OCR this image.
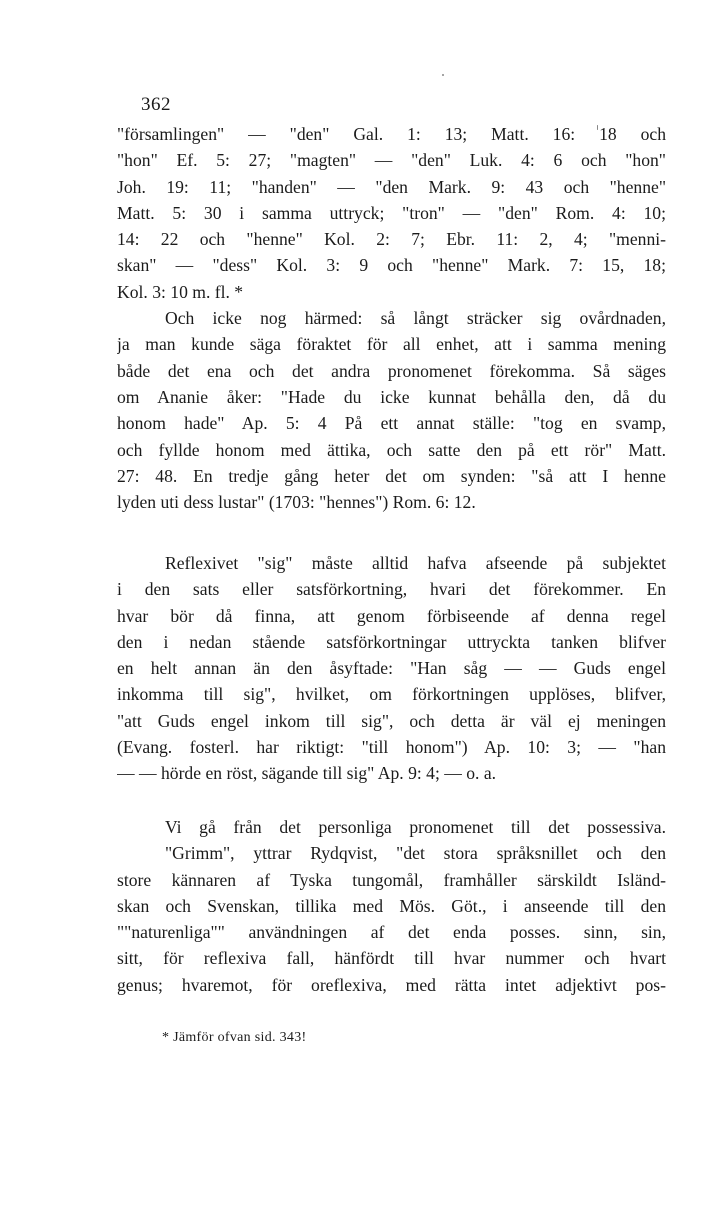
362
"församlingen" — "den" Gal. 1: 13; Matt. 16: 18 och
"hon" Ef. 5: 27; "magten" — "den" Luk. 4: 6 och "hon"
Joh. 19: 11; "handen" — "den Mark. 9: 43 och "henne"
Matt. 5: 30 i samma uttryck; "tron" — "den" Rom. 4: 10;
14: 22 och "henne" Kol. 2: 7; Ebr. 11: 2, 4; "menni-
skan" — "dess" Kol. 3: 9 och "henne" Mark. 7: 15, 18;
Kol. 3: 10 m. fl. *
Och icke nog härmed: så långt sträcker sig ovårdnaden,
ja man kunde säga föraktet för all enhet, att i samma mening
både det ena och det andra pronomenet förekomma. Så säges
om Ananie åker: "Hade du icke kunnat behålla den, då du
honom hade" Ap. 5: 4 På ett annat ställe: "tog en svamp,
och fyllde honom med ättika, och satte den på ett rör" Matt.
27: 48. En tredje gång heter det om synden: "så att I henne
lyden uti dess lustar" (1703: "hennes") Rom. 6: 12.
Reflexivet "sig" måste alltid hafva afseende på subjektet
i den sats eller satsförkortning, hvari det förekommer. En
hvar bör då finna, att genom förbiseende af denna regel
den i nedan stående satsförkortningar uttryckta tanken blifver
en helt annan än den åsyftade: "Han såg — — Guds engel
inkomma till sig", hvilket, om förkortningen upplöses, blifver,
"att Guds engel inkom till sig", och detta är väl ej meningen
(Evang. fosterl. har riktigt: "till honom") Ap. 10: 3; — "han
— — hörde en röst, sägande till sig" Ap. 9: 4; — o. a.
Vi gå från det personliga pronomenet till det possessiva.
"Grimm", yttrar Rydqvist, "det stora språksnillet och den
store kännaren af Tyska tungomål, framhåller särskildt Isländ-
skan och Svenskan, tillika med Mös. Göt., i anseende till den
""naturenliga"" användningen af det enda posses. sinn, sin,
sitt, för reflexiva fall, hänfördt till hvar nummer och hvart
genus; hvaremot, för oreflexiva, med rätta intet adjektivt pos-
* Jämför ofvan sid. 343!
